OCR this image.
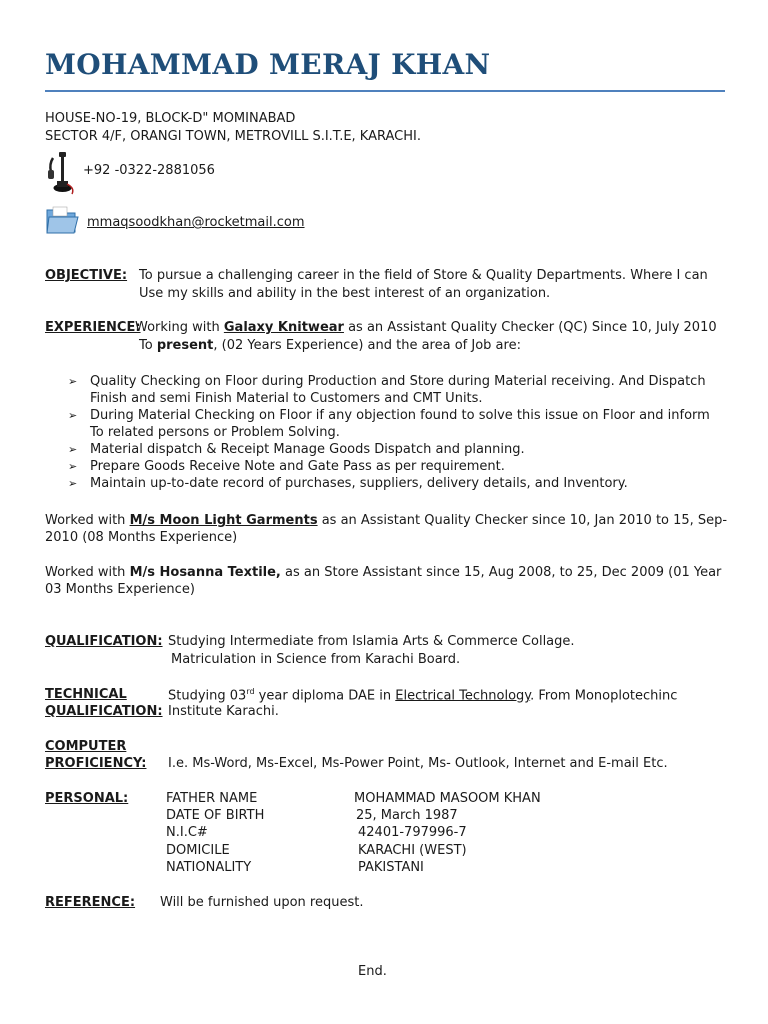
MOHAMMAD MERAJ KHAN
HOUSE-NO-19, BLOCK-D" MOMINABAD
SECTOR 4/F, ORANGI TOWN, METROVILL S.I.T.E, KARACHI.
+92 -0322-2881056
mmaqsoodkhan@rocketmail.com
OBJECTIVE: To pursue a challenging career in the field of Store & Quality Departments. Where I can
Use my skills and ability in the best interest of an organization.
EXPERIENCE:
Working with Galaxy Knitwear as an Assistant Quality Checker (QC) Since 10, July 2010
To present, (02 Years Experience) and the area of Job are:
➢ Quality Checking on Floor during Production and Store during Material receiving. And Dispatch
Finish and semi Finish Material to Customers and CMT Units.
➢ During Material Checking on Floor if any objection found to solve this issue on Floor and inform
To related persons or Problem Solving.
➢ Material dispatch & Receipt Manage Goods Dispatch and planning.
➢ Prepare Goods Receive Note and Gate Pass as per requirement.
➢ Maintain up-to-date record of purchases, suppliers, delivery details, and Inventory.
Worked with M/s Moon Light Garments as an Assistant Quality Checker since 10, Jan 2010 to 15, Sep-
2010 (08 Months Experience)
Worked with M/s Hosanna Textile, as an Store Assistant since 15, Aug 2008, to 25, Dec 2009 (01 Year
03 Months Experience)
QUALIFICATION: Studying Intermediate from Islamia Arts & Commerce Collage.
Matriculation in Science from Karachi Board.
TECHNICAL
QUALIFICATION:
Studying 03rd year diploma DAE in Electrical Technology. From Monoplotechinc
Institute Karachi.
COMPUTER
PROFICIENCY: I.e. Ms-Word, Ms-Excel, Ms-Power Point, Ms- Outlook, Internet and E-mail Etc.
PERSONAL:	FATHER NAME	MOHAMMAD MASOOM KHAN
DATE OF BIRTH	25, March 1987
N.I.C#	42401-797996-7
DOMICILE	KARACHI (WEST)
NATIONALITY	PAKISTANI
REFERENCE: Will be furnished upon request.
End.
